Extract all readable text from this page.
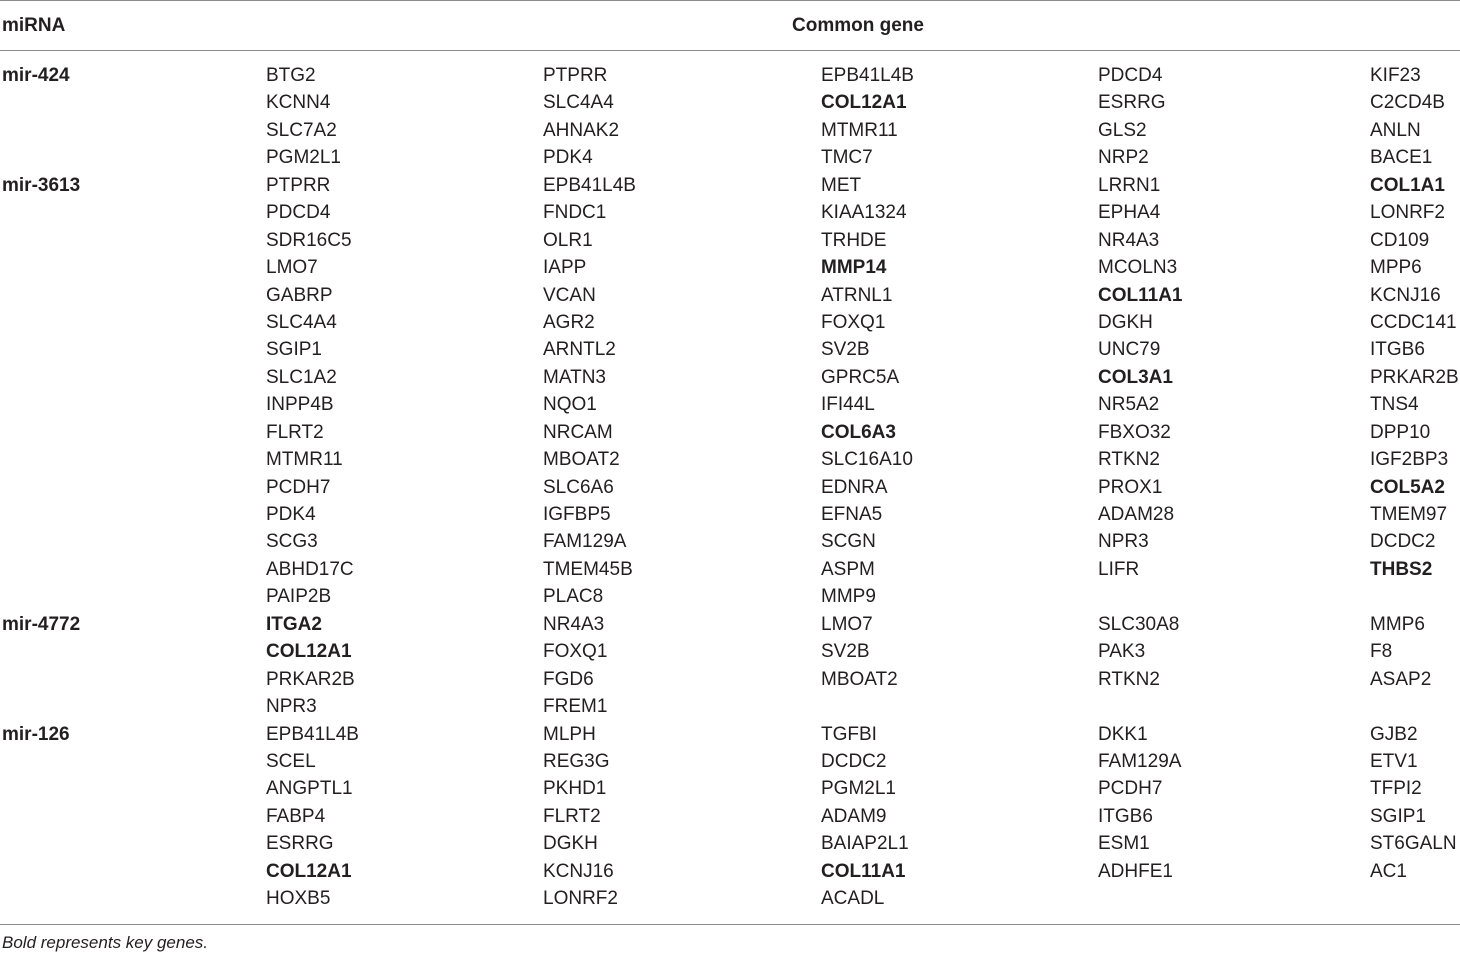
miRNA	Common gene
mir-424	BTG2	PTPRR	EPB41L4B	PDCD4	KIF23
KCNN4	SLC4A4	COL12A1	ESRRG	C2CD4B
SLC7A2	AHNAK2	MTMR11	GLS2	ANLN
PGM2L1	PDK4	TMC7	NRP2	BACE1
mir-3613	PTPRR	EPB41L4B	MET	LRRN1	COL1A1
PDCD4	FNDC1	KIAA1324	EPHA4	LONRF2
SDR16C5	OLR1	TRHDE	NR4A3	CD109
LMO7	IAPP	MMP14	MCOLN3	MPP6
GABRP	VCAN	ATRNL1	COL11A1	KCNJ16
SLC4A4	AGR2	FOXQ1	DGKH	CCDC141
SGIP1	ARNTL2	SV2B	UNC79	ITGB6
SLC1A2	MATN3	GPRC5A	COL3A1	PRKAR2B
INPP4B	NQO1	IFI44L	NR5A2	TNS4
FLRT2	NRCAM	COL6A3	FBXO32	DPP10
MTMR11	MBOAT2	SLC16A10	RTKN2	IGF2BP3
PCDH7	SLC6A6	EDNRA	PROX1	COL5A2
PDK4	IGFBP5	EFNA5	ADAM28	TMEM97
SCG3	FAM129A	SCGN	NPR3	DCDC2
ABHD17C	TMEM45B	ASPM	LIFR	THBS2
PAIP2B	PLAC8	MMP9
mir-4772	ITGA2	NR4A3	LMO7	SLC30A8	MMP6
COL12A1	FOXQ1	SV2B	PAK3	F8
PRKAR2B	FGD6	MBOAT2	RTKN2	ASAP2
NPR3	FREM1
mir-126	EPB41L4B	MLPH	TGFBI	DKK1	GJB2
SCEL	REG3G	DCDC2	FAM129A	ETV1
ANGPTL1	PKHD1	PGM2L1	PCDH7	TFPI2
FABP4	FLRT2	ADAM9	ITGB6	SGIP1
ESRRG	DGKH	BAIAP2L1	ESM1	ST6GALN
COL12A1	KCNJ16	COL11A1	ADHFE1	AC1
HOXB5	LONRF2	ACADL
Bold represents key genes.
